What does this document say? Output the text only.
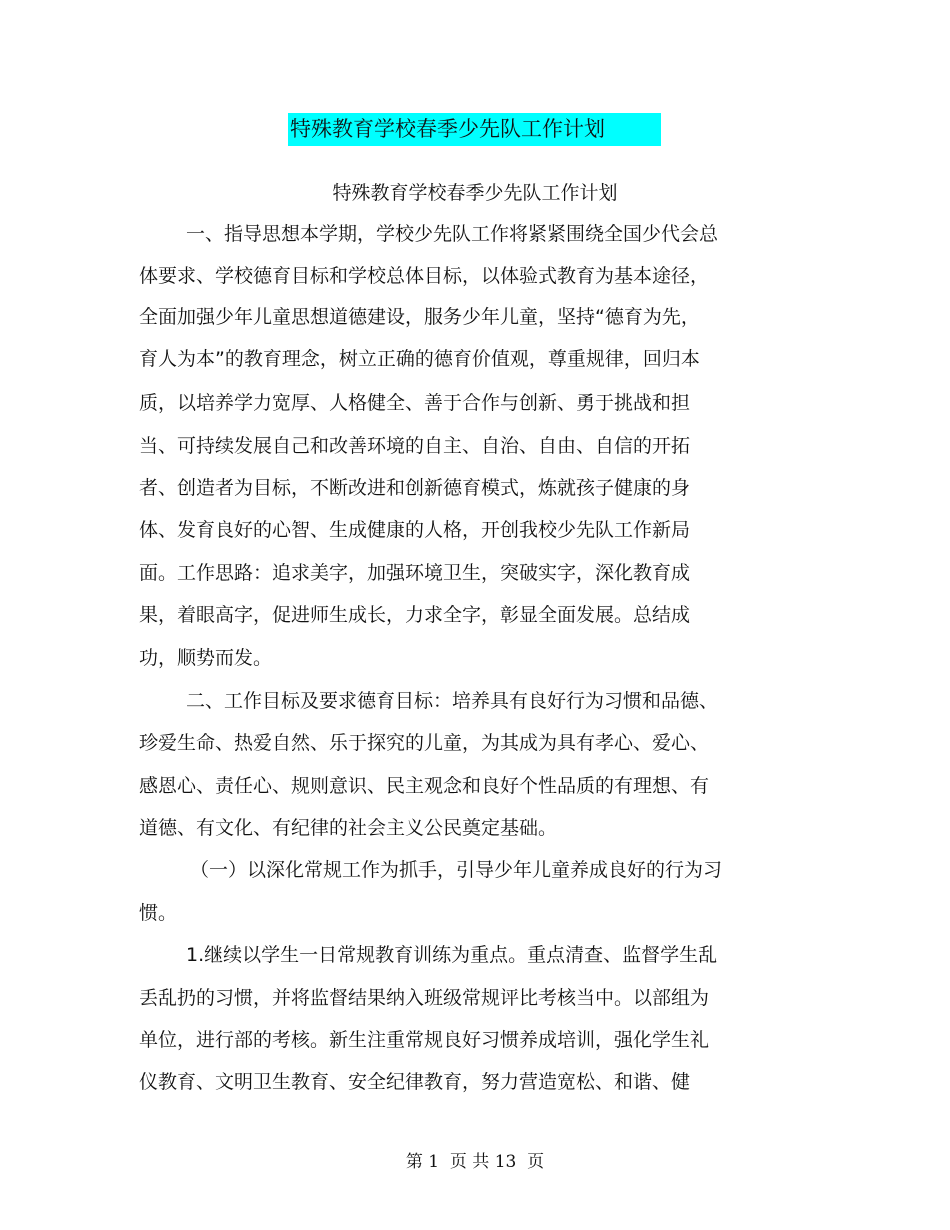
特殊教育学校春季少先队工作计划
特殊教育学校春季少先队工作计划
一、指导思想本学期，学校少先队工作将紧紧围绕全国少代会总
体要求、学校德育目标和学校总体目标，以体验式教育为基本途径，
全面加强少年儿童思想道德建设，服务少年儿童，坚持“德育为先，
育人为本”的教育理念，树立正确的德育价值观，尊重规律，回归本
质，以培养学力宽厚、人格健全、善于合作与创新、勇于挑战和担
当、可持续发展自己和改善环境的自主、自治、自由、自信的开拓
者、创造者为目标，不断改进和创新德育模式，炼就孩子健康的身
体、发育良好的心智、生成健康的人格，开创我校少先队工作新局
面。工作思路：追求美字，加强环境卫生，突破实字，深化教育成
果，着眼高字，促进师生成长，力求全字，彰显全面发展。总结成
功，顺势而发。
二、工作目标及要求德育目标：培养具有良好行为习惯和品德、
珍爱生命、热爱自然、乐于探究的儿童，为其成为具有孝心、爱心、
感恩心、责任心、规则意识、民主观念和良好个性品质的有理想、有
道德、有文化、有纪律的社会主义公民奠定基础。
（一）以深化常规工作为抓手，引导少年儿童养成良好的行为习
惯。
1.继续以学生一日常规教育训练为重点。重点清查、监督学生乱
丢乱扔的习惯，并将监督结果纳入班级常规评比考核当中。以部组为
单位，进行部的考核。新生注重常规良好习惯养成培训，强化学生礼
仪教育、文明卫生教育、安全纪律教育，努力营造宽松、和谐、健
第 1  页 共 13  页
